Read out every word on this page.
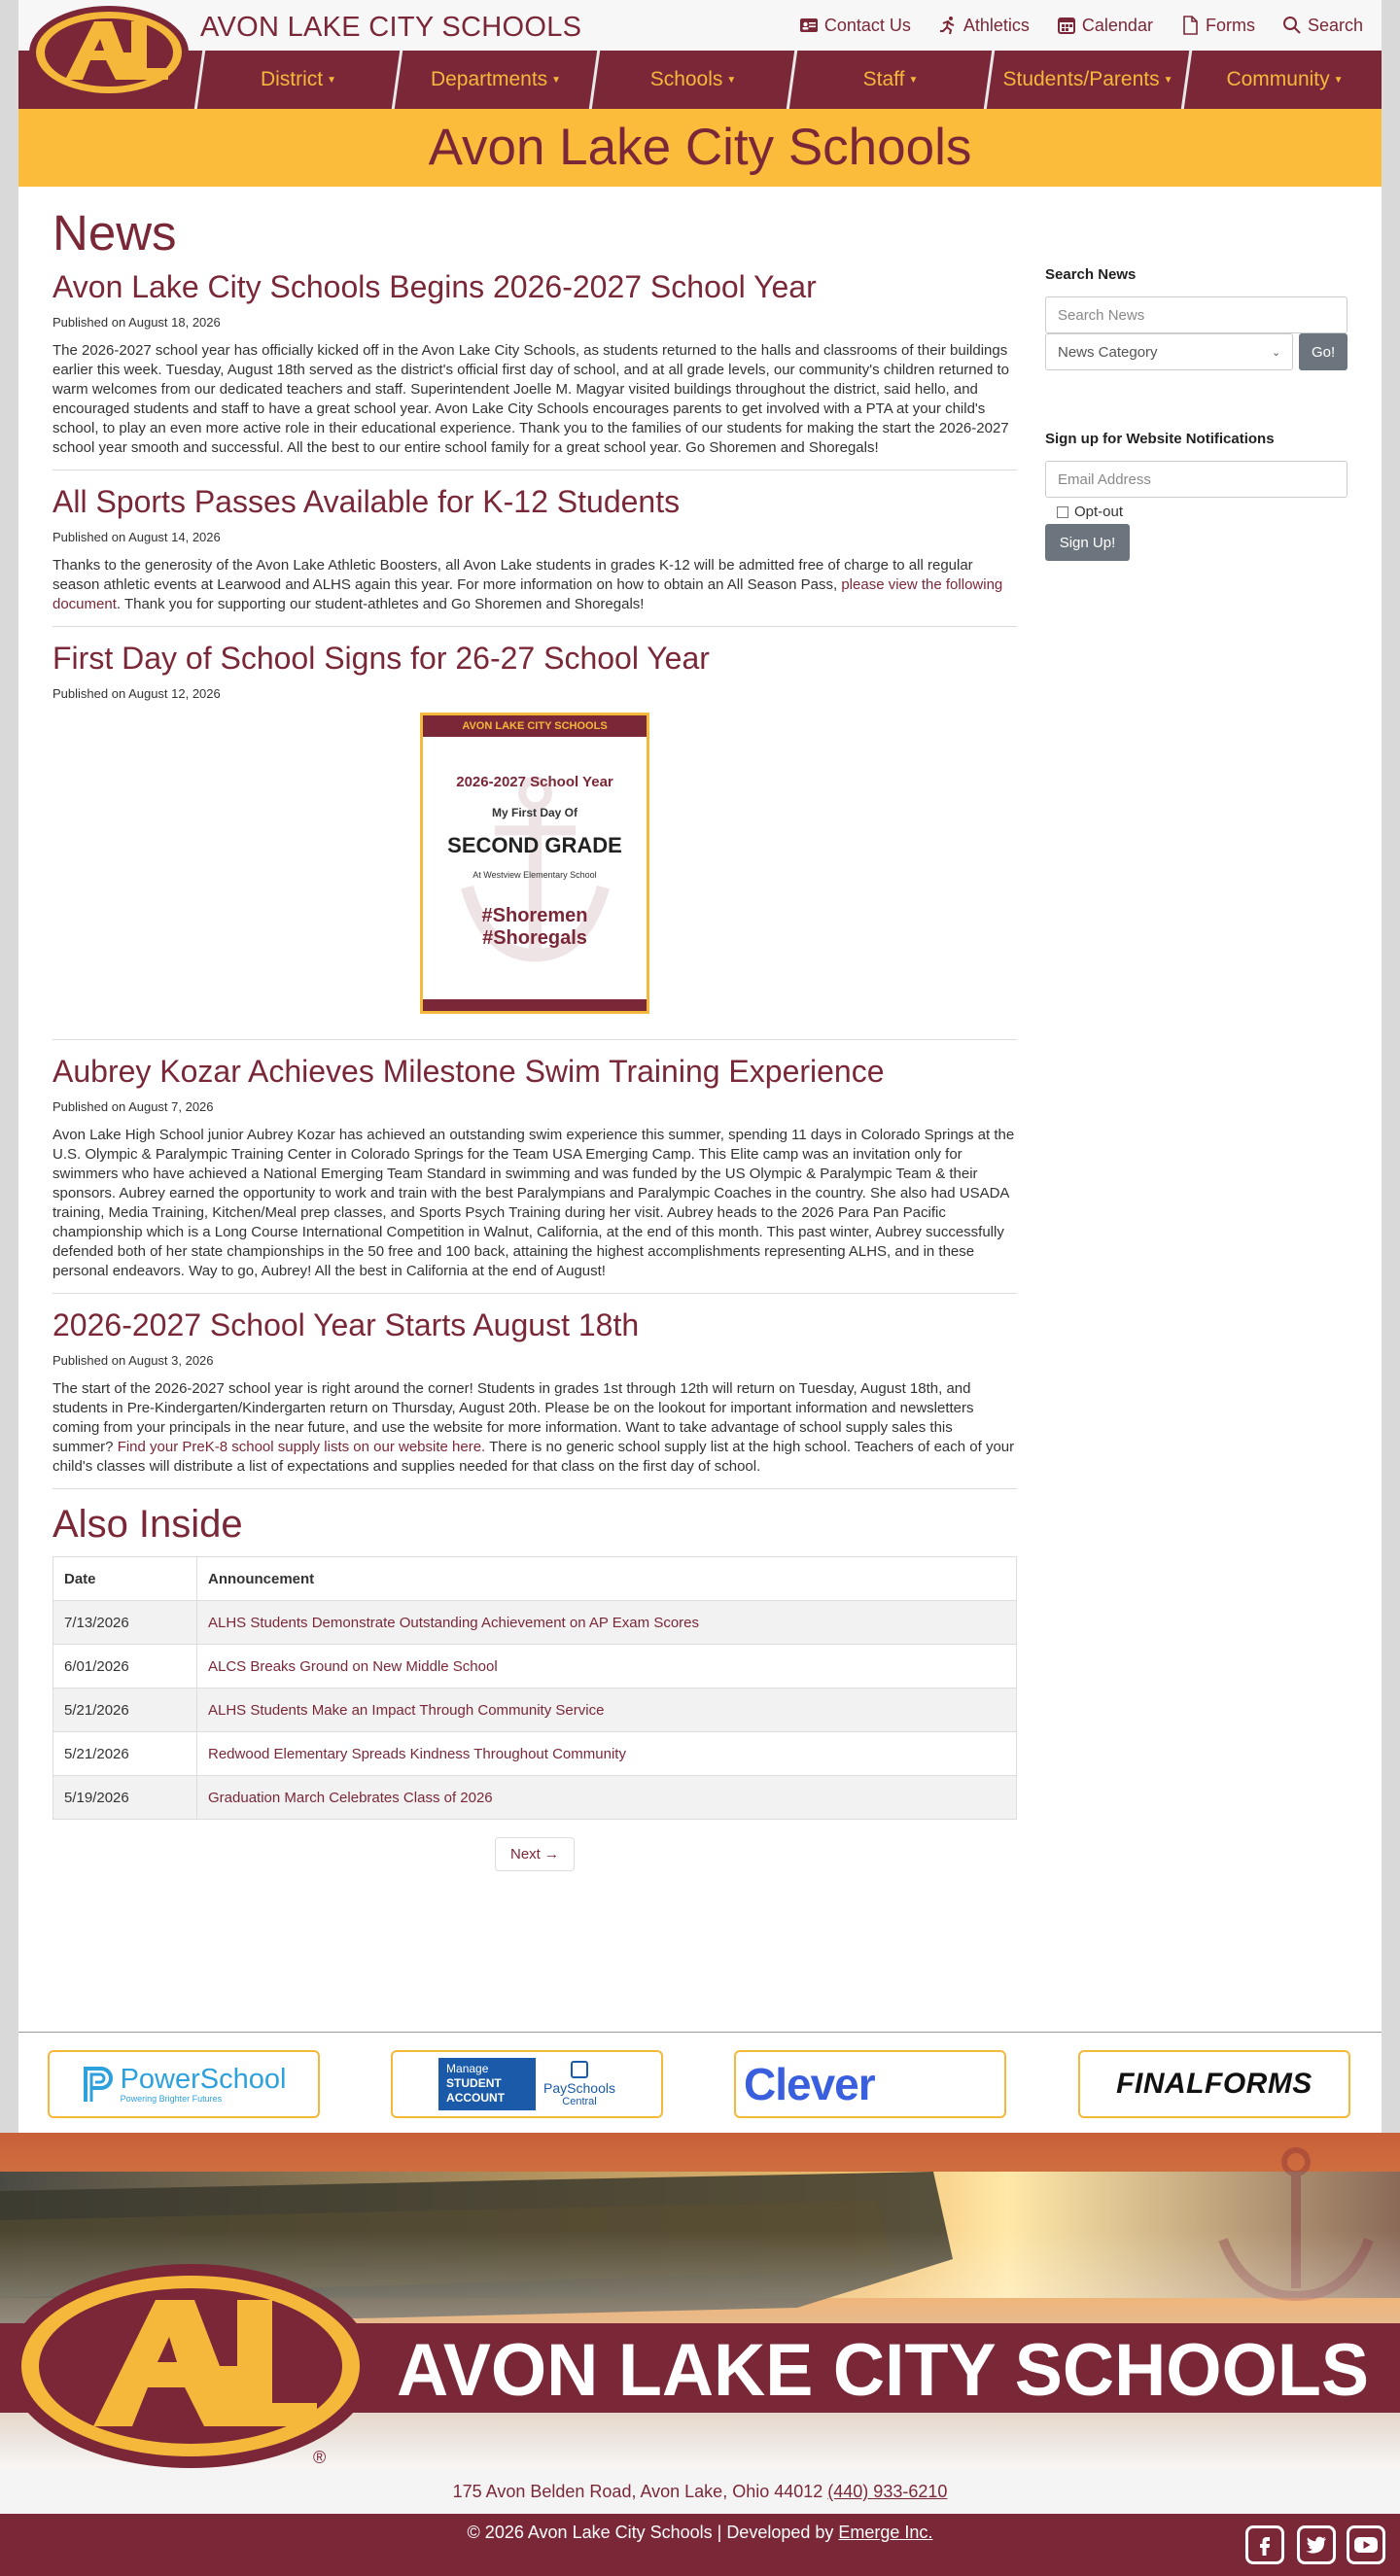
AVON LAKE CITY SCHOOLS	Contact Us	Athletics	Calendar	Forms	Search
District ▼	Departments ▼	Schools ▼	Staff ▼	Students/Parents ▼	Community ▼
®
Avon Lake City Schools
News
Avon Lake City Schools Begins 2026-2027 School Year
Published on August 18, 2026

The 2026-2027 school year has officially kicked off in the Avon Lake City Schools, as students returned to the halls and classrooms of their buildings earlier this week. Tuesday, August 18th served as the district's official first day of school, and at all grade levels, our community's children returned to warm welcomes from our dedicated teachers and staff. Superintendent Joelle M. Magyar visited buildings throughout the district, said hello, and encouraged students and staff to have a great school year. Avon Lake City Schools encourages parents to get involved with a PTA at your child's school, to play an even more active role in their educational experience. Thank you to the families of our students for making the start the 2026-2027 school year smooth and successful. All the best to our entire school family for a great school year. Go Shoremen and Shoregals!

All Sports Passes Available for K-12 Students
Published on August 14, 2026

Thanks to the generosity of the Avon Lake Athletic Boosters, all Avon Lake students in grades K-12 will be admitted free of charge to all regular season athletic events at Learwood and ALHS again this year. For more information on how to obtain an All Season Pass, please view the following document. Thank you for supporting our student-athletes and Go Shoremen and Shoregals!

First Day of School Signs for 26-27 School Year
Published on August 12, 2026
AVON LAKE CITY SCHOOLS
2026-2027 School Year
My First Day Of
SECOND GRADE
At Westview Elementary School
#Shoremen
#Shoregals
Aubrey Kozar Achieves Milestone Swim Training Experience
Published on August 7, 2026

Avon Lake High School junior Aubrey Kozar has achieved an outstanding swim experience this summer, spending 11 days in Colorado Springs at the U.S. Olympic & Paralympic Training Center in Colorado Springs for the Team USA Emerging Camp. This Elite camp was an invitation only for swimmers who have achieved a National Emerging Team Standard in swimming and was funded by the US Olympic & Paralympic Team & their sponsors. Aubrey earned the opportunity to work and train with the best Paralympians and Paralympic Coaches in the country. She also had USADA training, Media Training, Kitchen/Meal prep classes, and Sports Psych Training during her visit. Aubrey heads to the 2026 Para Pan Pacific championship which is a Long Course International Competition in Walnut, California, at the end of this month. This past winter, Aubrey successfully defended both of her state championships in the 50 free and 100 back, attaining the highest accomplishments representing ALHS, and in these personal endeavors. Way to go, Aubrey! All the best in California at the end of August!

2026-2027 School Year Starts August 18th
Published on August 3, 2026

The start of the 2026-2027 school year is right around the corner! Students in grades 1st through 12th will return on Tuesday, August 18th, and students in Pre-Kindergarten/Kindergarten return on Thursday, August 20th. Please be on the lookout for important information and newsletters coming from your principals in the near future, and use the website for more information. Want to take advantage of school supply sales this summer? Find your PreK-8 school supply lists on our website here. There is no generic school supply list at the high school. Teachers of each of your child's classes will distribute a list of expectations and supplies needed for that class on the first day of school.

Also Inside
Date	Announcement
7/13/2026	ALHS Students Demonstrate Outstanding Achievement on AP Exam Scores
6/01/2026	ALCS Breaks Ground on New Middle School
5/21/2026	ALHS Students Make an Impact Through Community Service
5/21/2026	Redwood Elementary Spreads Kindness Throughout Community
5/19/2026	Graduation March Celebrates Class of 2026
Next →
Search News
Search News
News Category	⌄	Go!
Sign up for Website Notifications
Email Address
Opt-out
Sign Up!
PowerSchool
Powering Brighter Futures
Manage
STUDENT
ACCOUNT
PaySchools
Central	Clever	FINALFORMS
®
AVON LAKE CITY SCHOOLS
175 Avon Belden Road, Avon Lake, Ohio 44012 (440) 933-6210
© 2026 Avon Lake City Schools | Developed by Emerge Inc.
